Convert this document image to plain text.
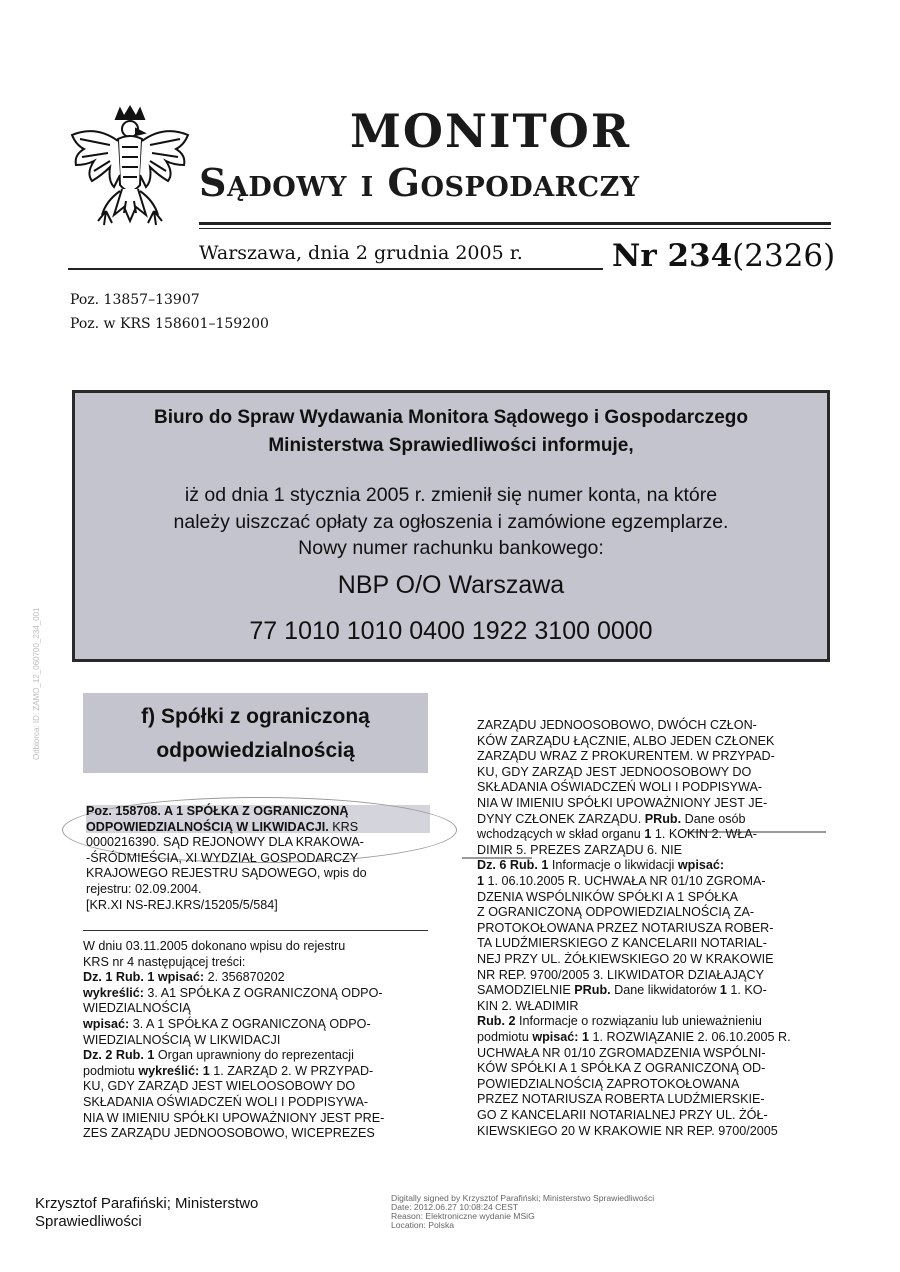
MONITOR
Sądowy i Gospodarczy
Warszawa, dnia 2 grudnia 2005 r.	Nr 234(2326)
Poz. 13857–13907
Poz. w KRS 158601–159200
Biuro do Spraw Wydawania Monitora Sądowego i Gospodarczego
Ministerstwa Sprawiedliwości informuje,
iż od dnia 1 stycznia 2005 r. zmienił się numer konta, na które
należy uiszczać opłaty za ogłoszenia i zamówione egzemplarze.
Nowy numer rachunku bankowego:
NBP O/O Warszawa
77 1010 1010 0400 1922 3100 0000
f) Spółki z ograniczoną
odpowiedzialnością
Poz. 158708. A 1 SPÓŁKA Z OGRANICZONĄ
ODPOWIEDZIALNOŚCIĄ W LIKWIDACJI. KRS
0000216390. SĄD REJONOWY DLA KRAKOWA-
-ŚRÓDMIEŚCIA, XI WYDZIAŁ GOSPODARCZY
KRAJOWEGO REJESTRU SĄDOWEGO, wpis do
rejestru: 02.09.2004.
[KR.XI NS-REJ.KRS/15205/5/584]
W dniu 03.11.2005 dokonano wpisu do rejestru
KRS nr 4 następującej treści:
Dz. 1 Rub. 1 wpisać: 2. 356870202
wykreślić: 3. A1 SPÓŁKA Z OGRANICZONĄ ODPO-
WIEDZIALNOŚCIĄ
wpisać: 3. A 1 SPÓŁKA Z OGRANICZONĄ ODPO-
WIEDZIALNOŚCIĄ W LIKWIDACJI
Dz. 2 Rub. 1 Organ uprawniony do reprezentacji
podmiotu wykreślić: 1 1. ZARZĄD 2. W PRZYPAD-
KU, GDY ZARZĄD JEST WIELOOSOBOWY DO
SKŁADANIA OŚWIADCZEŃ WOLI I PODPISYWA-
NIA W IMIENIU SPÓŁKI UPOWAŻNIONY JEST PRE-
ZES ZARZĄDU JEDNOOSOBOWO, WICEPREZES
ZARZĄDU JEDNOOSOBOWO, DWÓCH CZŁON-
KÓW ZARZĄDU ŁĄCZNIE, ALBO JEDEN CZŁONEK
ZARZĄDU WRAZ Z PROKURENTEM. W PRZYPAD-
KU, GDY ZARZĄD JEST JEDNOOSOBOWY DO
SKŁADANIA OŚWIADCZEŃ WOLI I PODPISYWA-
NIA W IMIENIU SPÓŁKI UPOWAŻNIONY JEST JE-
DYNY CZŁONEK ZARZĄDU. PRub. Dane osób
wchodzących w skład organu 1 1. KOKIN 2. WŁA-
DIMIR 5. PREZES ZARZĄDU 6. NIE
Dz. 6 Rub. 1 Informacje o likwidacji wpisać:
1 1. 06.10.2005 R. UCHWAŁA NR 01/10 ZGROMA-
DZENIA WSPÓLNIKÓW SPÓŁKI A 1 SPÓŁKA
Z OGRANICZONĄ ODPOWIEDZIALNOŚCIĄ ZA-
PROTOKOŁOWANA PRZEZ NOTARIUSZA ROBER-
TA LUDŹMIERSKIEGO Z KANCELARII NOTARIAL-
NEJ PRZY UL. ŻÓŁKIEWSKIEGO 20 W KRAKOWIE
NR REP. 9700/2005 3. LIKWIDATOR DZIAŁAJĄCY
SAMODZIELNIE PRub. Dane likwidatorów 1 1. KO-
KIN 2. WŁADIMIR
Rub. 2 Informacje o rozwiązaniu lub unieważnieniu
podmiotu wpisać: 1 1. ROZWIĄZANIE 2. 06.10.2005 R.
UCHWAŁA NR 01/10 ZGROMADZENIA WSPÓLNI-
KÓW SPÓŁKI A 1 SPÓŁKA Z OGRANICZONĄ OD-
POWIEDZIALNOŚCIĄ ZAPROTOKOŁOWANA
PRZEZ NOTARIUSZA ROBERTA LUDŹMIERSKIE-
GO Z KANCELARII NOTARIALNEJ PRZY UL. ŻÓŁ-
KIEWSKIEGO 20 W KRAKOWIE NR REP. 9700/2005
Odbiorca: ID: ZAMO_12_060700_234_001
Krzysztof Parafiński; Ministerstwo
Sprawiedliwości
Digitally signed by Krzysztof Parafiński; Ministerstwo Sprawiedliwości
Date: 2012.06.27 10:08:24 CEST
Reason: Elektroniczne wydanie MSiG
Location: Polska
